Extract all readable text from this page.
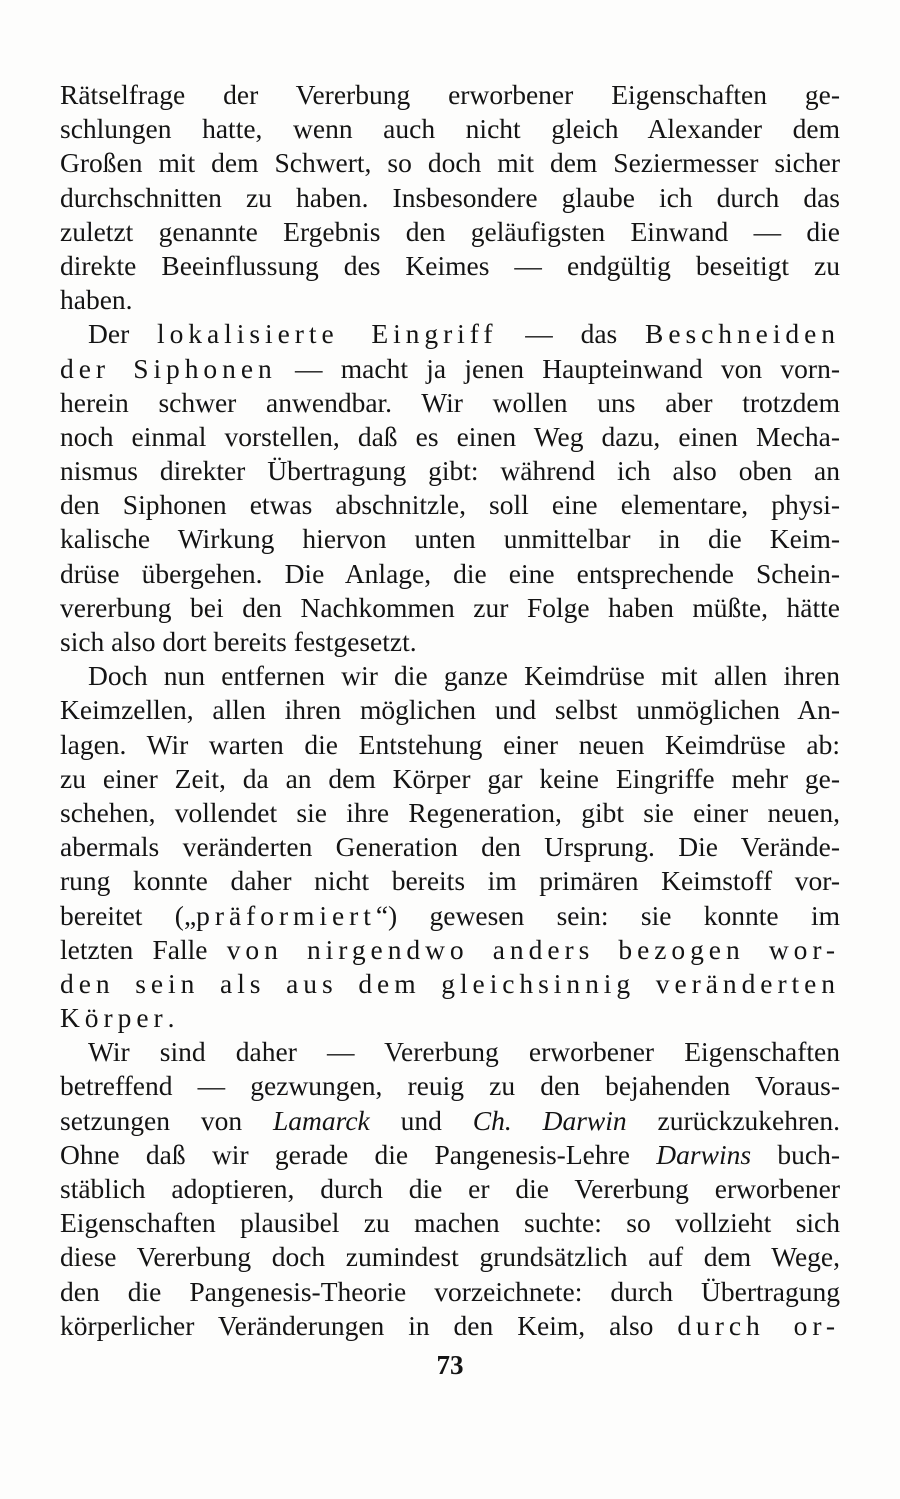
Rätselfrage der Vererbung erworbener Eigenschaften ge-
schlungen hatte, wenn auch nicht gleich Alexander dem
Großen mit dem Schwert, so doch mit dem Seziermesser sicher
durchschnitten zu haben. Insbesondere glaube ich durch das
zuletzt genannte Ergebnis den geläufigsten Einwand — die
direkte Beeinflussung des Keimes — endgültig beseitigt zu
haben.
Der lokalisierte Eingriff — das Beschneiden
der Siphonen — macht ja jenen Haupteinwand von vorn-
herein schwer anwendbar. Wir wollen uns aber trotzdem
noch einmal vorstellen, daß es einen Weg dazu, einen Mecha-
nismus direkter Übertragung gibt: während ich also oben an
den Siphonen etwas abschnitzle, soll eine elementare, physi-
kalische Wirkung hiervon unten unmittelbar in die Keim-
drüse übergehen. Die Anlage, die eine entsprechende Schein-
vererbung bei den Nachkommen zur Folge haben müßte, hätte
sich also dort bereits festgesetzt.
Doch nun entfernen wir die ganze Keimdrüse mit allen ihren
Keimzellen, allen ihren möglichen und selbst unmöglichen An-
lagen. Wir warten die Entstehung einer neuen Keimdrüse ab:
zu einer Zeit, da an dem Körper gar keine Eingriffe mehr ge-
schehen, vollendet sie ihre Regeneration, gibt sie einer neuen,
abermals veränderten Generation den Ursprung. Die Verände-
rung konnte daher nicht bereits im primären Keimstoff vor-
bereitet („präformiert“) gewesen sein: sie konnte im
letzten Falle von nirgendwo anders bezogen wor-
den sein als aus dem gleichsinnig veränderten
Körper.
Wir sind daher — Vererbung erworbener Eigenschaften
betreffend — gezwungen, reuig zu den bejahenden Voraus-
setzungen von Lamarck und Ch. Darwin zurückzukehren.
Ohne daß wir gerade die Pangenesis-Lehre Darwins buch-
stäblich adoptieren, durch die er die Vererbung erworbener
Eigenschaften plausibel zu machen suchte: so vollzieht sich
diese Vererbung doch zumindest grundsätzlich auf dem Wege,
den die Pangenesis-Theorie vorzeichnete: durch Übertragung
körperlicher Veränderungen in den Keim, also durch or-
73
